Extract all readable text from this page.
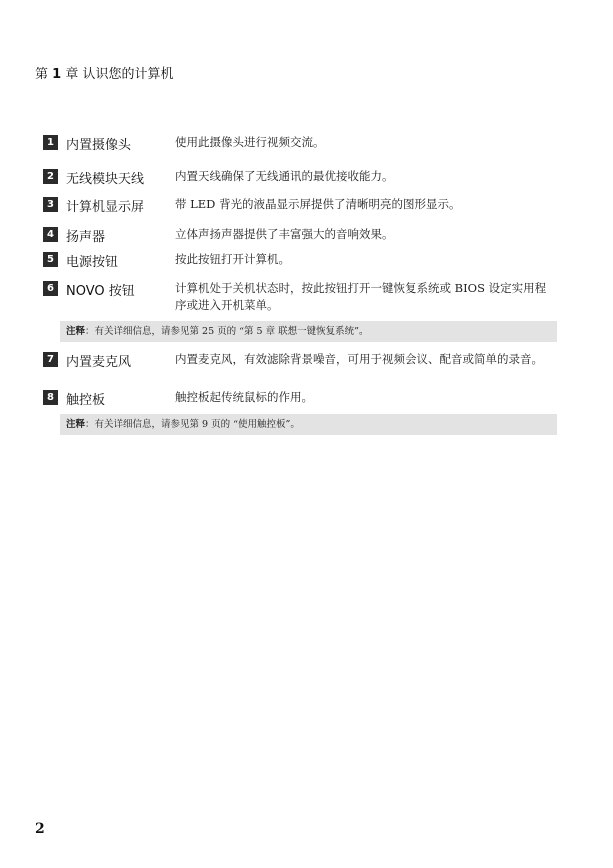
第 1 章 认识您的计算机
1 内置摄像头	使用此摄像头进行视频交流。
2 无线模块天线	内置天线确保了无线通讯的最优接收能力。
3 计算机显示屏	带 LED 背光的液晶显示屏提供了清晰明亮的图形显示。
4 扬声器	立体声扬声器提供了丰富强大的音响效果。
5 电源按钮	按此按钮打开计算机。
6 NOVO 按钮	计算机处于关机状态时，按此按钮打开一键恢复系统或 BIOS 设定实用程序或进入开机菜单。
注释：有关详细信息，请参见第 25 页的 “第 5 章 联想一键恢复系统”。
7 内置麦克风	内置麦克风，有效滤除背景噪音，可用于视频会议、配音或简单的录音。
8 触控板	触控板起传统鼠标的作用。
注释：有关详细信息，请参见第 9 页的 “使用触控板”。
2
